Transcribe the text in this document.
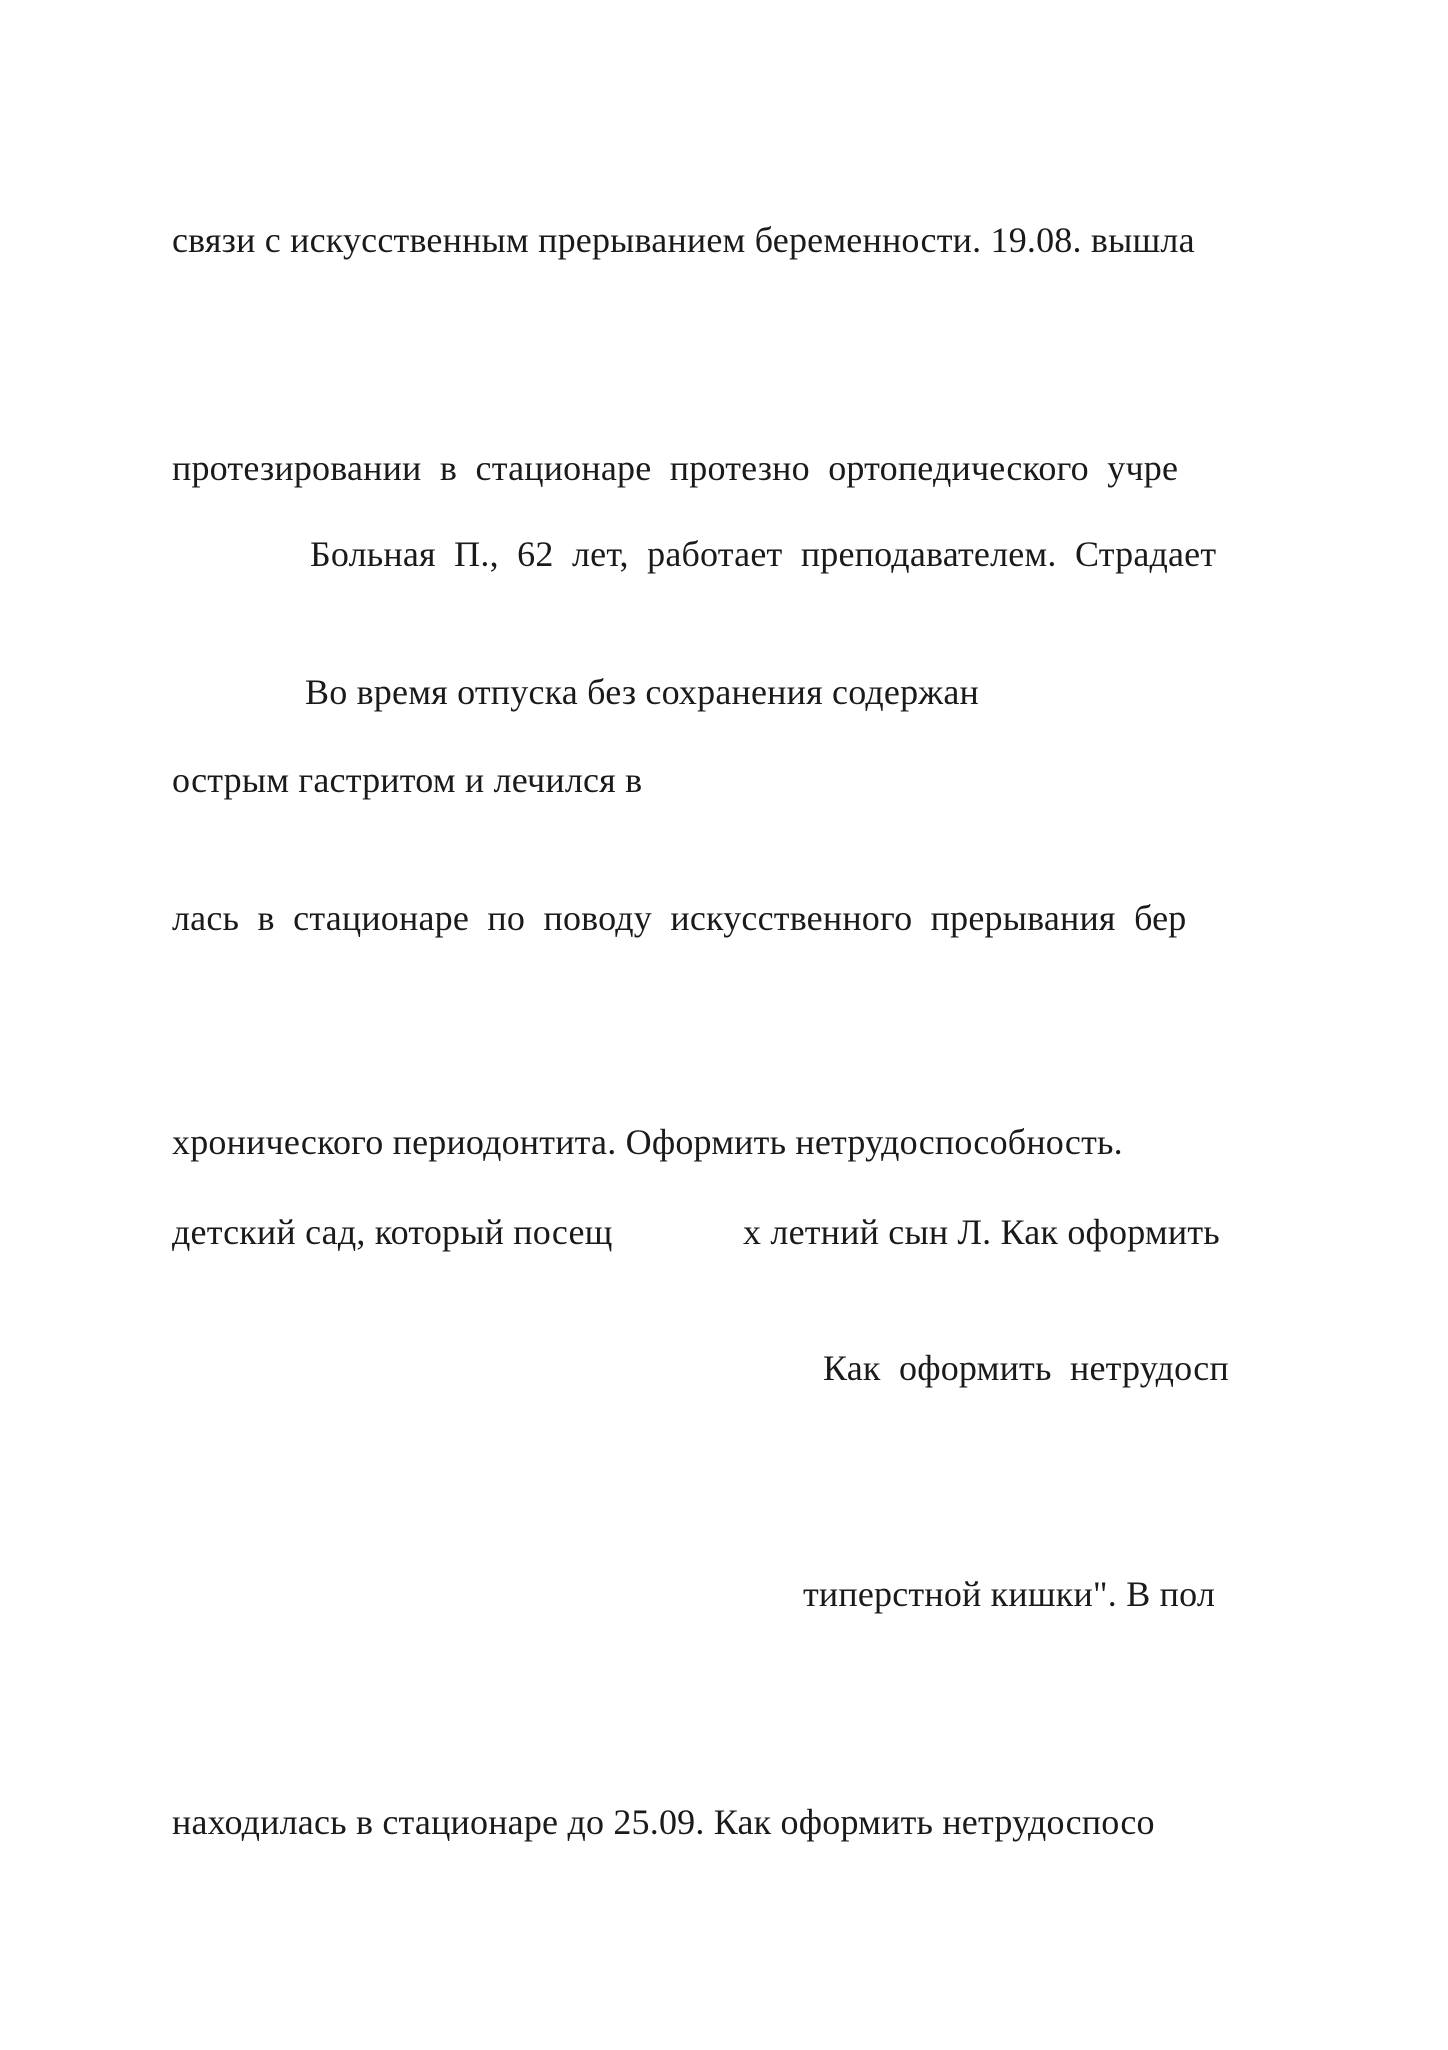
связи с искусственным прерыванием беременности. 19.08. вышла
протезировании  в  стационаре  протезно  ортопедического  учре
Больная  П.,  62  лет,  работает  преподавателем.  Страдает
Во время отпуска без сохранения содержан
острым гастритом и лечился в
лась  в  стационаре  по  поводу  искусственного  прерывания  бер
хронического периодонтита. Оформить нетрудоспособность.
детский сад, который посещ	х летний сын Л. Как оформить
Как  оформить  нетрудосп
типерстной кишки". В пол
находилась в стационаре до 25.09. Как оформить нетрудоспосо
